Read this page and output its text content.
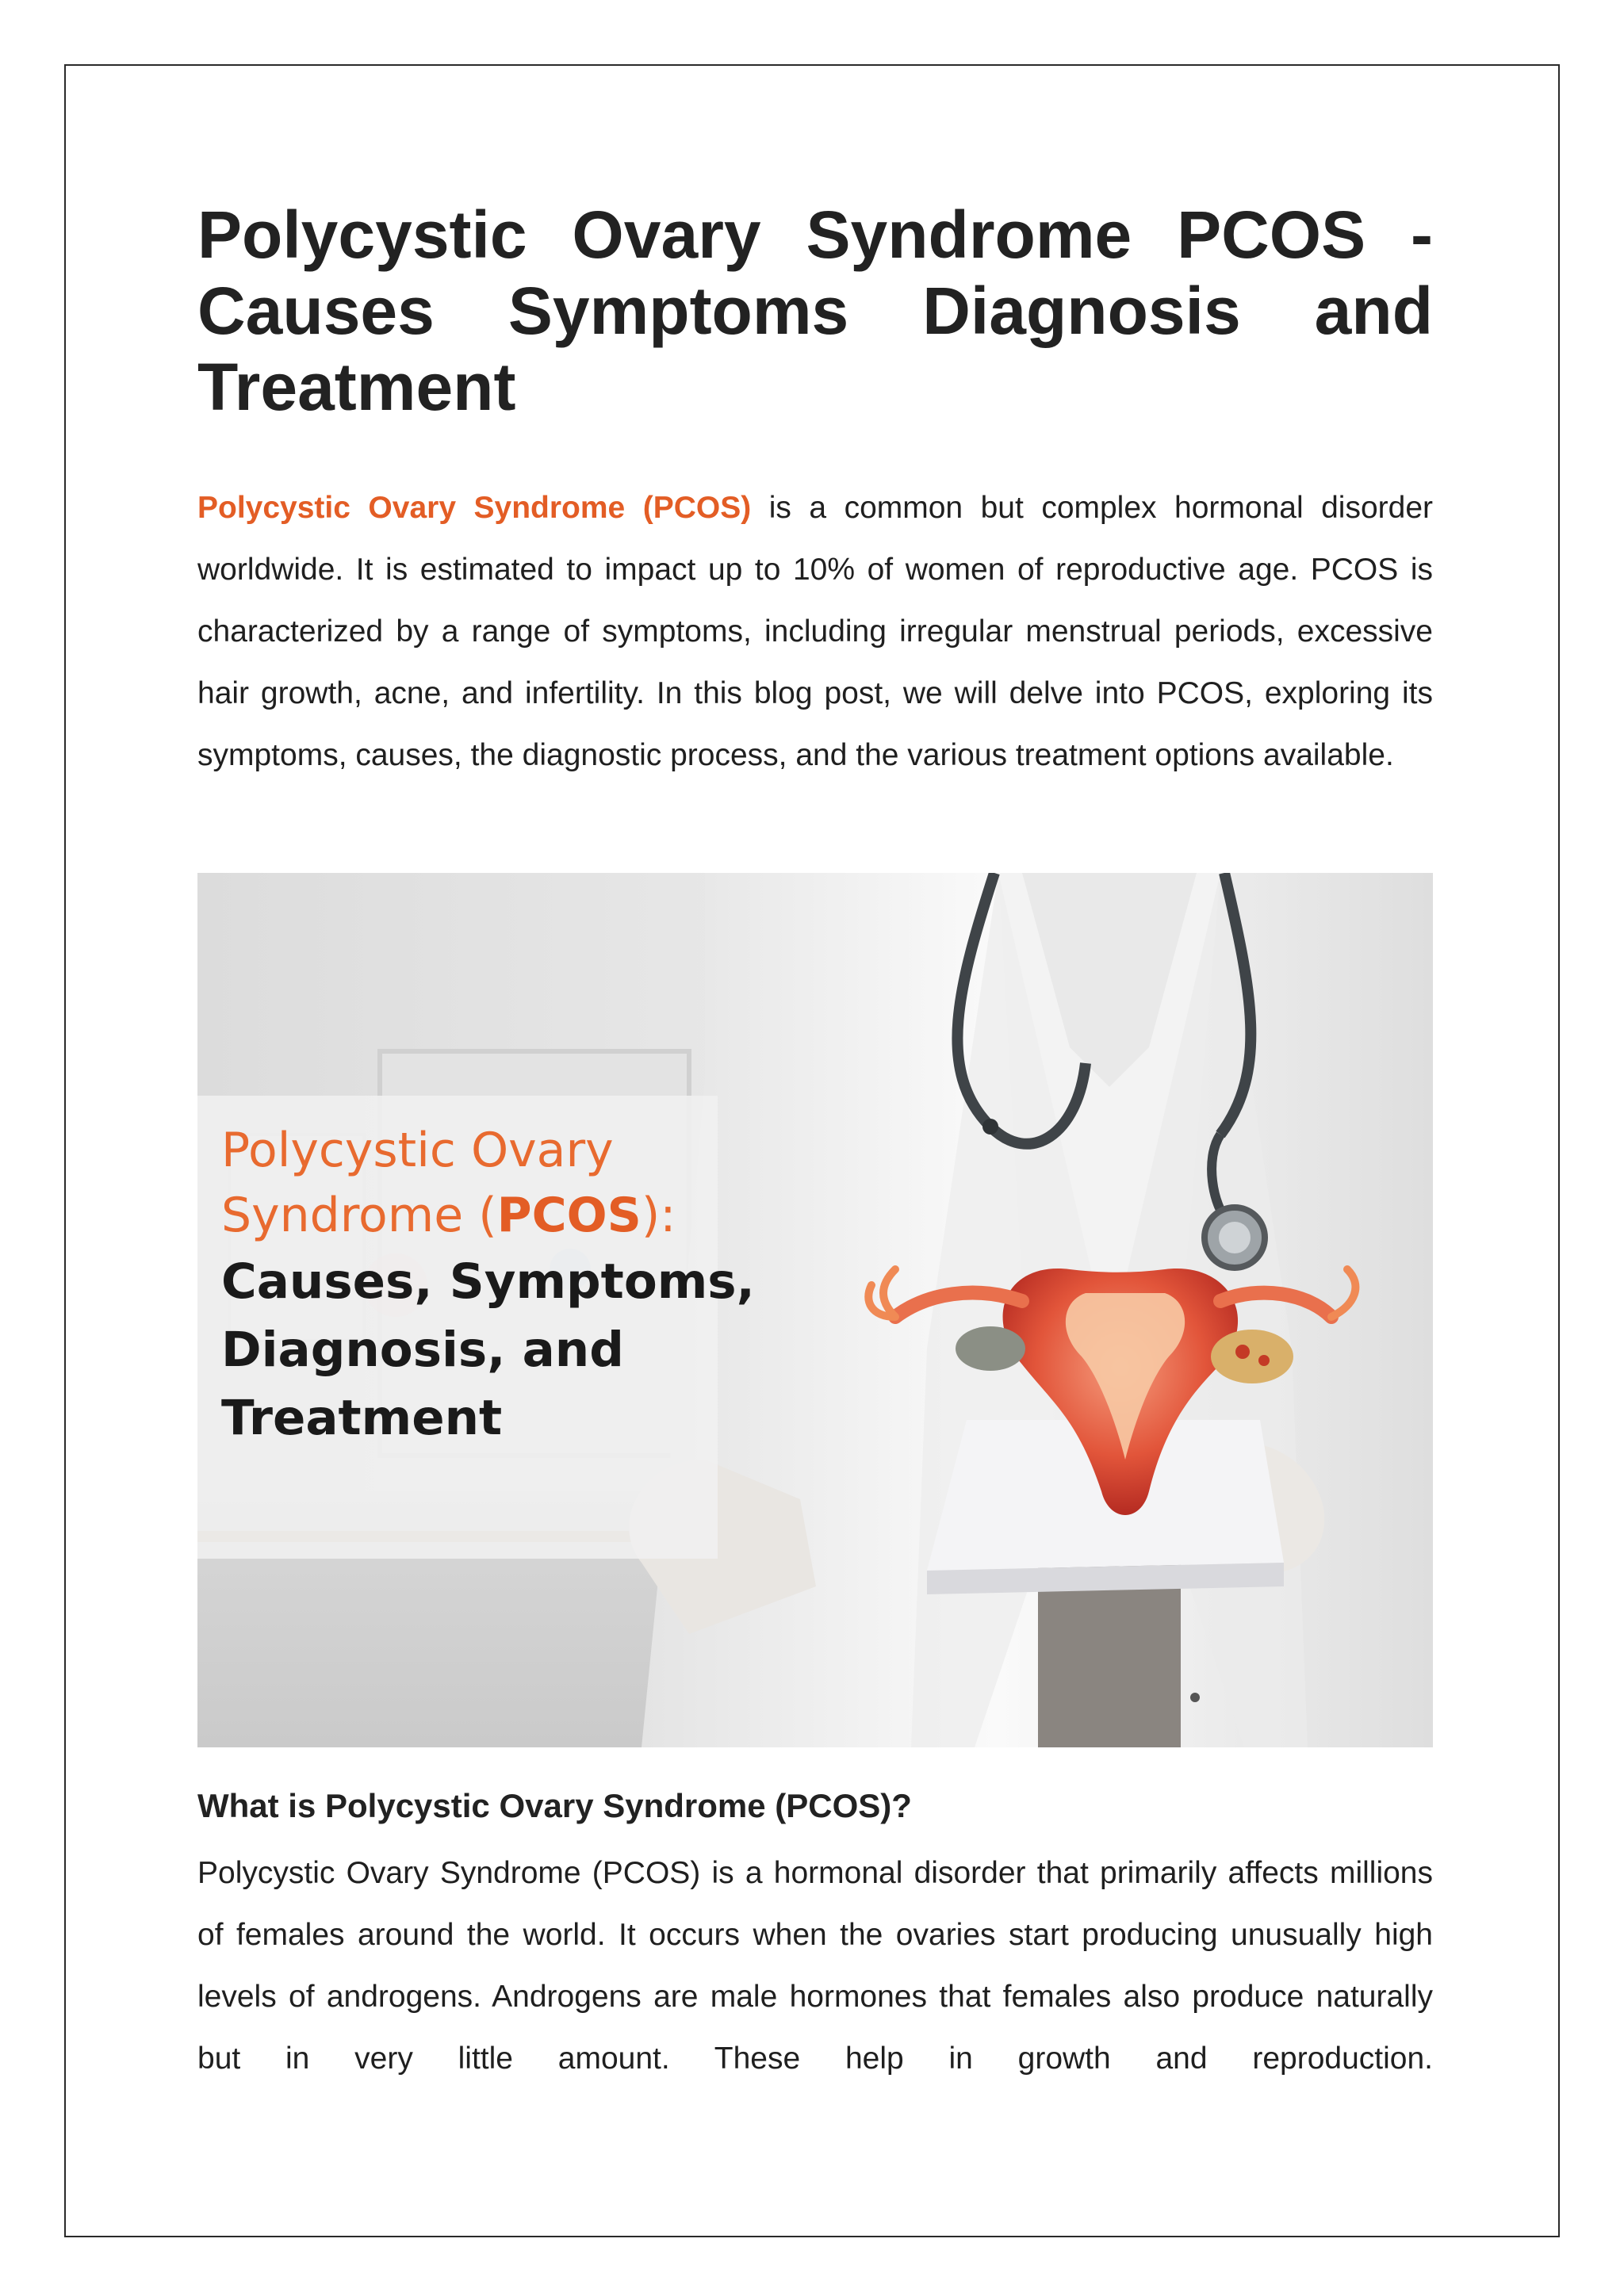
Polycystic Ovary Syndrome PCOS - Causes Symptoms Diagnosis and Treatment

Polycystic Ovary Syndrome (PCOS) is a common but complex hormonal disorder worldwide. It is estimated to impact up to 10% of women of reproductive age. PCOS is characterized by a range of symptoms, including irregular menstrual periods, excessive hair growth, acne, and infertility. In this blog post, we will delve into PCOS, exploring its symptoms, causes, the diagnostic process, and the various treatment options available.

Polycystic Ovary
Syndrome (PCOS):
Causes, Symptoms,
Diagnosis, and
Treatment
What is Polycystic Ovary Syndrome (PCOS)?

Polycystic Ovary Syndrome (PCOS) is a hormonal disorder that primarily affects millions of females around the world. It occurs when the ovaries start producing unusually high levels of androgens. Androgens are male hormones that females also produce naturally but in very little amount. These help in growth and reproduction.
